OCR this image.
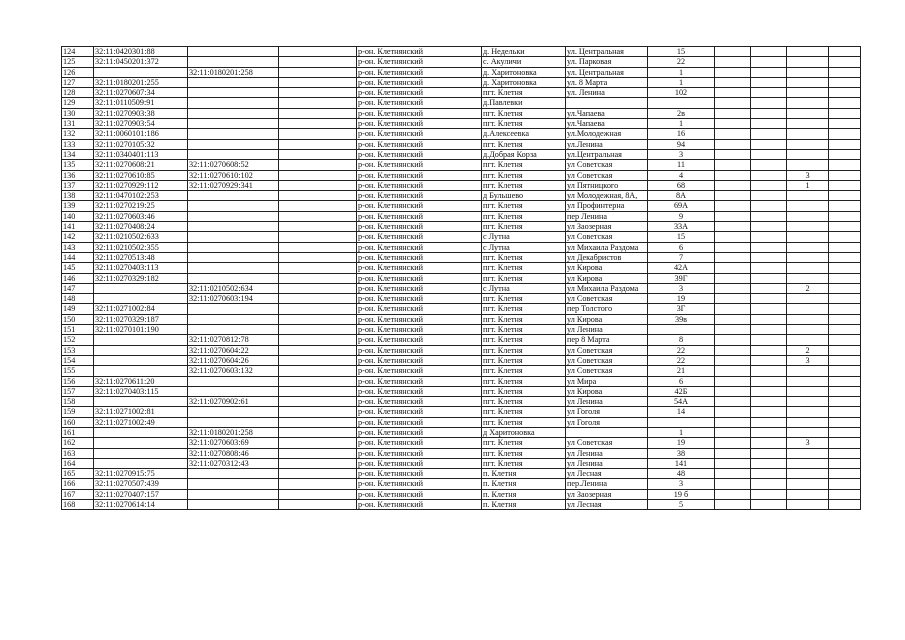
124	32:11:0420301:88			р-он. Клетнянский	д. Недельки	ул. Центральная	15				
125	32:11:0450201:372			р-он. Клетнянский	с. Акуличи	ул. Парковая	22				
126		32:11:0180201:258		р-он. Клетнянский	д. Харитоновка	ул. Центральная	1				
127	32:11:0180201:255			р-он. Клетнянский	д. Харитоновка	ул. 8 Марта	1				
128	32:11:0270607:34			р-он. Клетнянский	пгт. Клетня	ул. Ленина	102				
129	32:11:0110509:91			р-он. Клетнянский	д.Павлевки						
130	32:11:0270903:38			р-он. Клетнянский	пгт. Клетня	ул.Чапаева	2в				
131	32:11:0270903:54			р-он. Клетнянский	пгт. Клетня	ул.Чапаева	1				
132	32:11:0060101:186			р-он. Клетнянский	д.Алексеевка	ул.Молодежная	16				
133	32:11:0270105:32			р-он. Клетнянский	пгт. Клетня	ул.Ленина	94				
134	32:11:0340401:113			р-он. Клетнянский	д.Добрая Корза	ул.Центральная	3				
135	32:11:0270608:21	32:11:0270608:52		р-он. Клетнянский	пгт. Клетня	ул Советская	11				
136	32:11:0270610:85	32:11:0270610:102		р-он. Клетнянский	пгт. Клетня	ул Советская	4			3	
137	32:11:0270929:112	32:11:0270929:341		р-он. Клетнянский	пгт. Клетня	ул Пятницкого	68			1	
138	32:11:0470102:253			р-он. Клетнянский	д Бульшево	ул Молодежная, 8А,	8А				
139	32:11:0270219:25			р-он. Клетнянский	пгт. Клетня	ул Профинтерна	69А				
140	32:11:0270603:46			р-он. Клетнянский	пгт. Клетня	пер Ленина	9				
141	32:11:0270408:24			р-он. Клетнянский	пгт. Клетня	ул Заозерная	33А				
142	32:11:0210502:633			р-он. Клетнянский	с Лутна	ул Советская	15				
143	32:11:0210502:355			р-он. Клетнянский	с Лутна	ул Михаила Раздома	6				
144	32:11:0270513:48			р-он. Клетнянский	пгт. Клетня	ул Декабристов	7				
145	32:11:0270403:113			р-он. Клетнянский	пгт. Клетня	ул Кирова	42А				
146	32:11:0270329:182			р-он. Клетнянский	пгт. Клетня	ул Кирова	39Г				
147		32:11:0210502:634		р-он. Клетнянский	с Лутна	ул Михаила Раздома	3			2	
148		32:11:0270603:194		р-он. Клетнянский	пгт. Клетня	ул Советская	19				
149	32:11:0271002:84			р-он. Клетнянский	пгт. Клетня	пер Толстого	3Г				
150	32:11:0270329:187			р-он. Клетнянский	пгт. Клетня	ул Кирова	39в				
151	32:11:0270101:190			р-он. Клетнянский	пгт. Клетня	ул Ленина					
152		32:11:0270812:78		р-он. Клетнянский	пгт. Клетня	пер 8 Марта	8				
153		32:11:0270604:22		р-он. Клетнянский	пгт. Клетня	ул Советская	22			2	
154		32:11:0270604:26		р-он. Клетнянский	пгт. Клетня	ул Советская	22			3	
155		32:11:0270603:132		р-он. Клетнянский	пгт. Клетня	ул Советская	21				
156	32:11:0270611:20			р-он. Клетнянский	пгт. Клетня	ул Мира	6				
157	32:11:0270403:115			р-он. Клетнянский	пгт. Клетня	ул Кирова	42Б				
158		32:11:0270902:61		р-он. Клетнянский	пгт. Клетня	ул Ленина	54А				
159	32:11:0271002:81			р-он. Клетнянский	пгт. Клетня	ул Гоголя	14				
160	32:11:0271002:49			р-он. Клетнянский	пгт. Клетня	ул Гоголя					
161		32:11:0180201:258		р-он. Клетнянский	д Харитоновка		1				
162		32:11:0270603:69		р-он. Клетнянский	пгт. Клетня	ул Советская	19			3	
163		32:11:0270808:46		р-он. Клетнянский	пгт. Клетня	ул Ленина	38				
164		32:11:0270312:43		р-он. Клетнянский	пгт. Клетня	ул Ленина	141				
165	32:11:0270915:75			р-он. Клетнянский	п. Клетня	ул Лесная	48				
166	32:11:0270507:439			р-он. Клетнянский	п. Клетня	пер.Ленина	3				
167	32:11:0270407:157			р-он. Клетнянский	п. Клетня	ул Заозерная	19 б				
168	32:11:0270614:14			р-он. Клетнянский	п. Клетня	ул Лесная	5				
